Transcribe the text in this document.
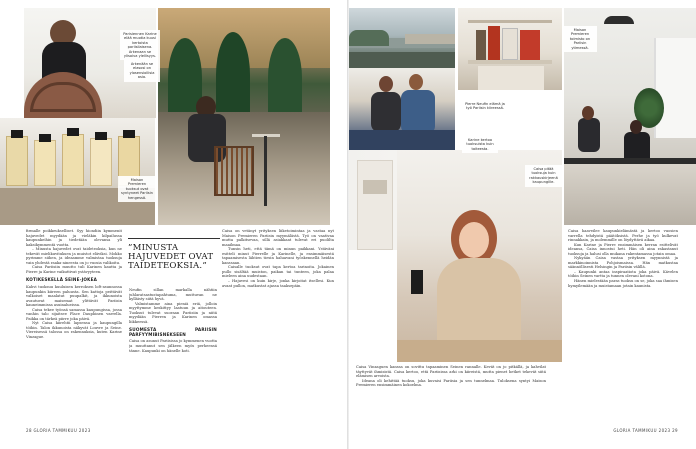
Parisiennen Karine elää muotia kuusi kertoista pariisilaisena. Arkenaan se ylisoiva ylellisyys.
Arkenään se elasosi on ylosensiollisia asia.
Maison Premieren tuoksut ovat syntyneet Pariisin hengessä.
Pierre Neufin elämä ja työ Pariisin kiireessä.
Karine kertoo tuoksuista kuin taiteesta.
Maison Premieren toimisto on Pariisin ytimessä.
Caisa pitää tuoksuja kuin rakkauskirjeenä kaupungille.

firmalle poikkeukselliset. Syy hiondiin kymmenit hajuvedet myydään ja vieläkin kilpailussa kaupunkeihin ja tiedetään olevansa yli kaksikymmentä vuotta.

– Minusta hajuvedet ovat taideteoksia, kun ne tekevät mielikuvituksen ja muistot eläviksi. Mokko pyrimme siihen, ja ideaamme valmistaa tuoksuja vain yhdestä raaka-aineesta on jo vuosia valikoitu.

Caisa Pariisiin muutto tuli Karinen kautta ja Pierre ja Karine vaikuttivat ystävyyteen.

KOTIKESKELLÄ SEINE-JOKEA

Kahvi tuoksuu kuuluisen kerroksen loft-asunnossa kaupunkin kiireen paluusta. Sen kattoja peittävät valkoiset maalatut puupalkit, ja ikkunoista avautuvat maisemat ylittävät Pariisin kauneimmissa asuinalueissa.

Caisa tekee työnsä samassa kaupungissa, jossa vanhin talo sijaitsee Place Dauphinen varrella. Paikka on tärkeä piirre joka päivä.

Nyt Caisa kiirehtii lapsensa ja kaupungilla töihin. Talon ikkunoista näkyvät Louvre ja Seine. Viereisessä talossa on rakennuksia, kuten Karine Vinzague.

”MINUSTA HAJUVEDET OVAT TAIDETEOKSIA.”

Neufin sillan markalla nähtiin juhlaratsastustapahtuma, muttuvan ne kylläisty siitä hyvä.

Valmistamme aina pieniä eriä, jolloin myyttymme keskittyy laatuun ja aitouteen. Tuoksut tulevat suoraan Pariisiin ja niitä myydään Pierren ja Karinen omassa liikkeessä.

SUOMESTA PARIISIN PARFYYMIBISNEKSEEN

Caisa on asunut Pariisissa jo kymmenen vuotta ja muuttanut sen jälkeen myös perheensä tänne. Kaupunki on hänelle koti.

Caisa on vetänyt yrityksen liiketoimintaa ja vastaa nyt Maison Premieren Pariisin myymälästä. Työ on vaativaa mutta palkitsevaa, sillä asiakkaat tulevat eri puolilta maailmaa.

Tunsin heti, että tämä on minun paikkani. Ystäväni esitteli minut Pierrelle ja Karinelle, ja ensimmäisestä tapaamisesta lähtien tiesin haluavani työskennellä heidän kanssaan.

Caisalle tuoksut ovat tapa kertoa tarinoita. Jokainen pullo sisältää muiston, paikan tai tunteen, joka palaa mieleen aina uudestaan.

– Hajuvesi on kuin kirje, jonka kirjoitat itsellesi. Kun avaat pullon, matkustat ajassa taaksepäin.

Caisa Vinzaguen kanssa on sovittu tapaaminen Seinen rannalle. Kevät on jo pitkällä, ja kahvilat täyttyvät ihmisistä. Caisa kertoo, että Pariisissa arki on kiireistä, mutta pienet hetket tekevät siitä elämisen arvoista.

Ideana oli kehittää tuoksu, joka kuvaisi Pariisia ja sen tunnelmaa. Tuloksena syntyi Maison Premieren ensimmäinen kokoelma.

Caisa haaveilee kaupunkielämästä ja kertoo vuosien varrella tehdyistä päätöksistä. Perhe ja työ kulkevat rinnakkain, ja molemmille on löydyttävä aikaa.

Kun Karine ja Pierre ensimmäisen kerran esittelivät ideansa, Caisa innostui heti. Hän oli aina rakastanut tuoksuja ja halusi olla mukana rakentamassa jotain omaa.

Nykyään Caisa vastaa yrityksen myynnistä ja markkinoinnista Pohjoismaissa. Hän matkustaa säännöllisesti Helsingin ja Pariisin välillä.

– Kaupunki antaa inspiraatiota joka päivä. Kävelen töihin Seinen vartta ja tunnen olevani kotona.

Hänen mielestään paras tuoksu on se, joka saa ihmisen hymyilemään ja muistamaan jotain kaunista.

28 GLORIA TAMMIKUU 2023	GLORIA TAMMIKUU 2023 29
